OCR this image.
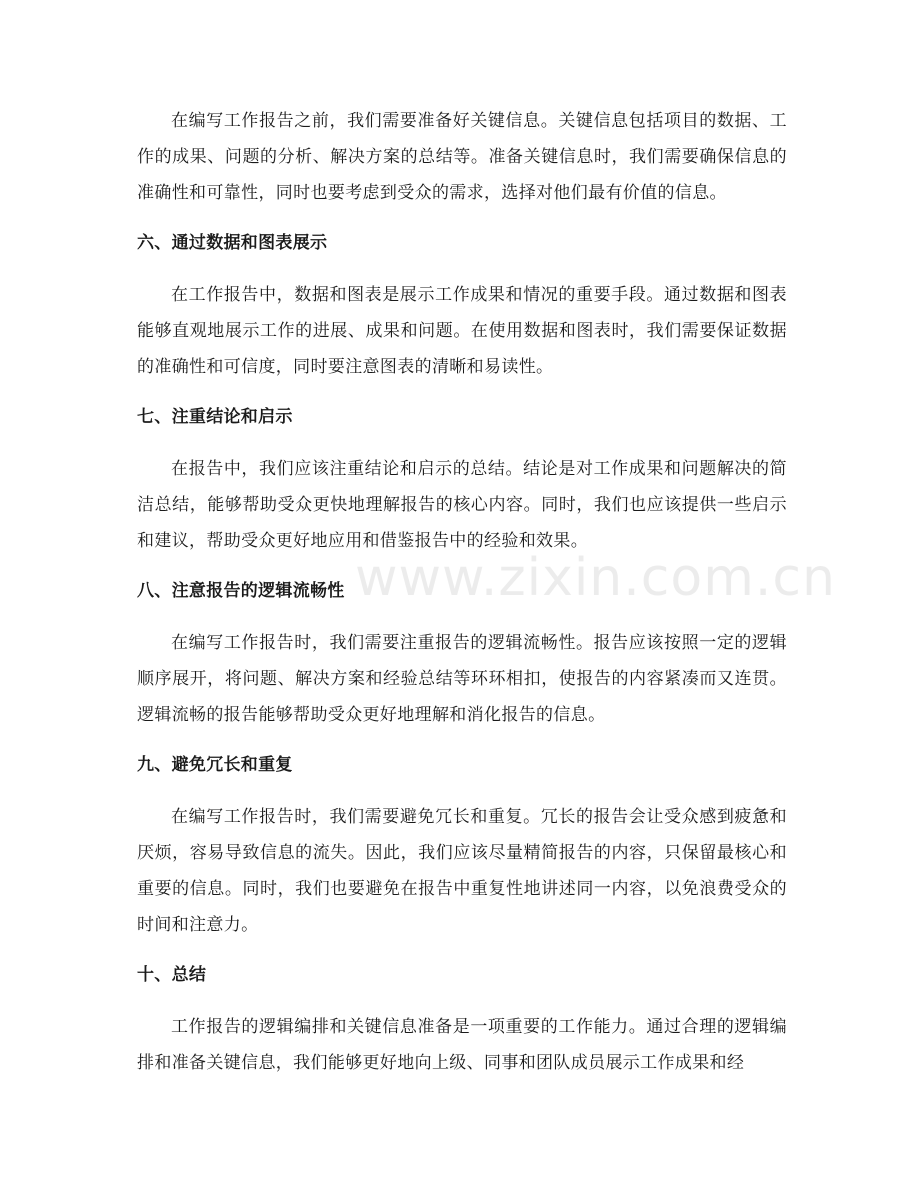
在编写工作报告之前，我们需要准备好关键信息。关键信息包括项目的数据、工作的成果、问题的分析、解决方案的总结等。准备关键信息时，我们需要确保信息的准确性和可靠性，同时也要考虑到受众的需求，选择对他们最有价值的信息。

六、通过数据和图表展示

在工作报告中，数据和图表是展示工作成果和情况的重要手段。通过数据和图表能够直观地展示工作的进展、成果和问题。在使用数据和图表时，我们需要保证数据的准确性和可信度，同时要注意图表的清晰和易读性。

七、注重结论和启示

在报告中，我们应该注重结论和启示的总结。结论是对工作成果和问题解决的简洁总结，能够帮助受众更快地理解报告的核心内容。同时，我们也应该提供一些启示和建议，帮助受众更好地应用和借鉴报告中的经验和效果。

八、注意报告的逻辑流畅性

在编写工作报告时，我们需要注重报告的逻辑流畅性。报告应该按照一定的逻辑顺序展开，将问题、解决方案和经验总结等环环相扣，使报告的内容紧凑而又连贯。逻辑流畅的报告能够帮助受众更好地理解和消化报告的信息。

九、避免冗长和重复

在编写工作报告时，我们需要避免冗长和重复。冗长的报告会让受众感到疲惫和厌烦，容易导致信息的流失。因此，我们应该尽量精简报告的内容，只保留最核心和重要的信息。同时，我们也要避免在报告中重复性地讲述同一内容，以免浪费受众的时间和注意力。

十、总结

工作报告的逻辑编排和关键信息准备是一项重要的工作能力。通过合理的逻辑编排和准备关键信息，我们能够更好地向上级、同事和团队成员展示工作成果和经

www.zixin.com.cn
